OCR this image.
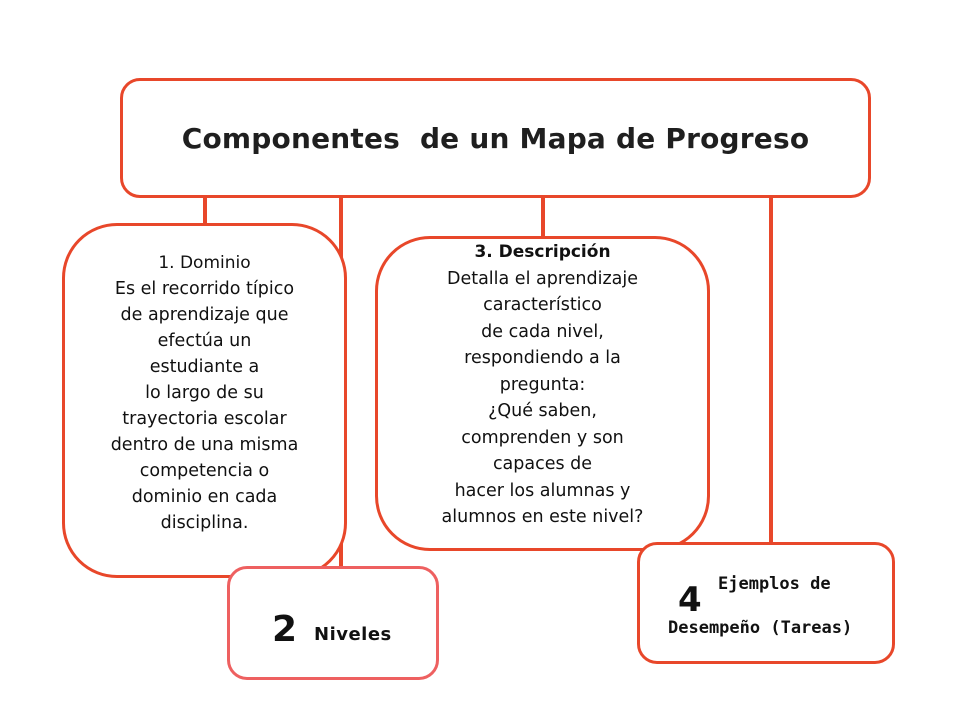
Componentes  de un Mapa de Progreso
1. Dominio
Es el recorrido típico
de aprendizaje que
efectúa un
estudiante a
lo largo de su
trayectoria escolar
dentro de una misma
competencia o
dominio en cada
disciplina.
2 Niveles
3. Descripción
Detalla el aprendizaje
característico
de cada nivel,
respondiendo a la
pregunta:
¿Qué saben,
comprenden y son
capaces de
hacer los alumnas y
alumnos en este nivel?
4 Ejemplos de
Desempeño (Tareas)
